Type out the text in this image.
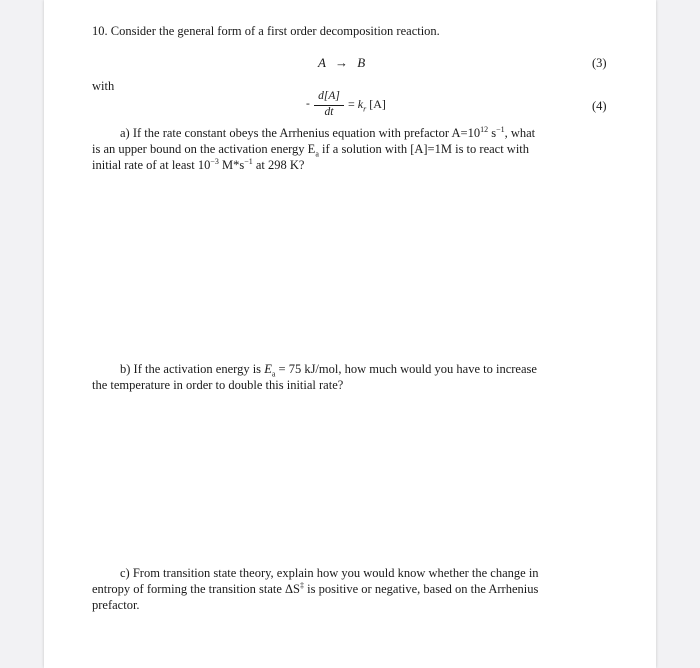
10. Consider the general form of a first order decomposition reaction.
A → B	(3)
with
-
d[A]
dt
= $k_r$ [A]	(4)
a) If the rate constant obeys the Arrhenius equation with prefactor $A=10^{12}$ $s^{-1}$, what
is an upper bound on the activation energy $E_a$ if a solution with [A]=1M is to react with
initial rate of at least $10^{-3}$ $M*s^{-1}$ at 298 K?
b) If the activation energy is $E_a = 75$ kJ/mol, how much would you have to increase
the temperature in order to double this initial rate?
c) From transition state theory, explain how you would know whether the change in
entropy of forming the transition state ΔS‡ is positive or negative, based on the Arrhenius
prefactor.
